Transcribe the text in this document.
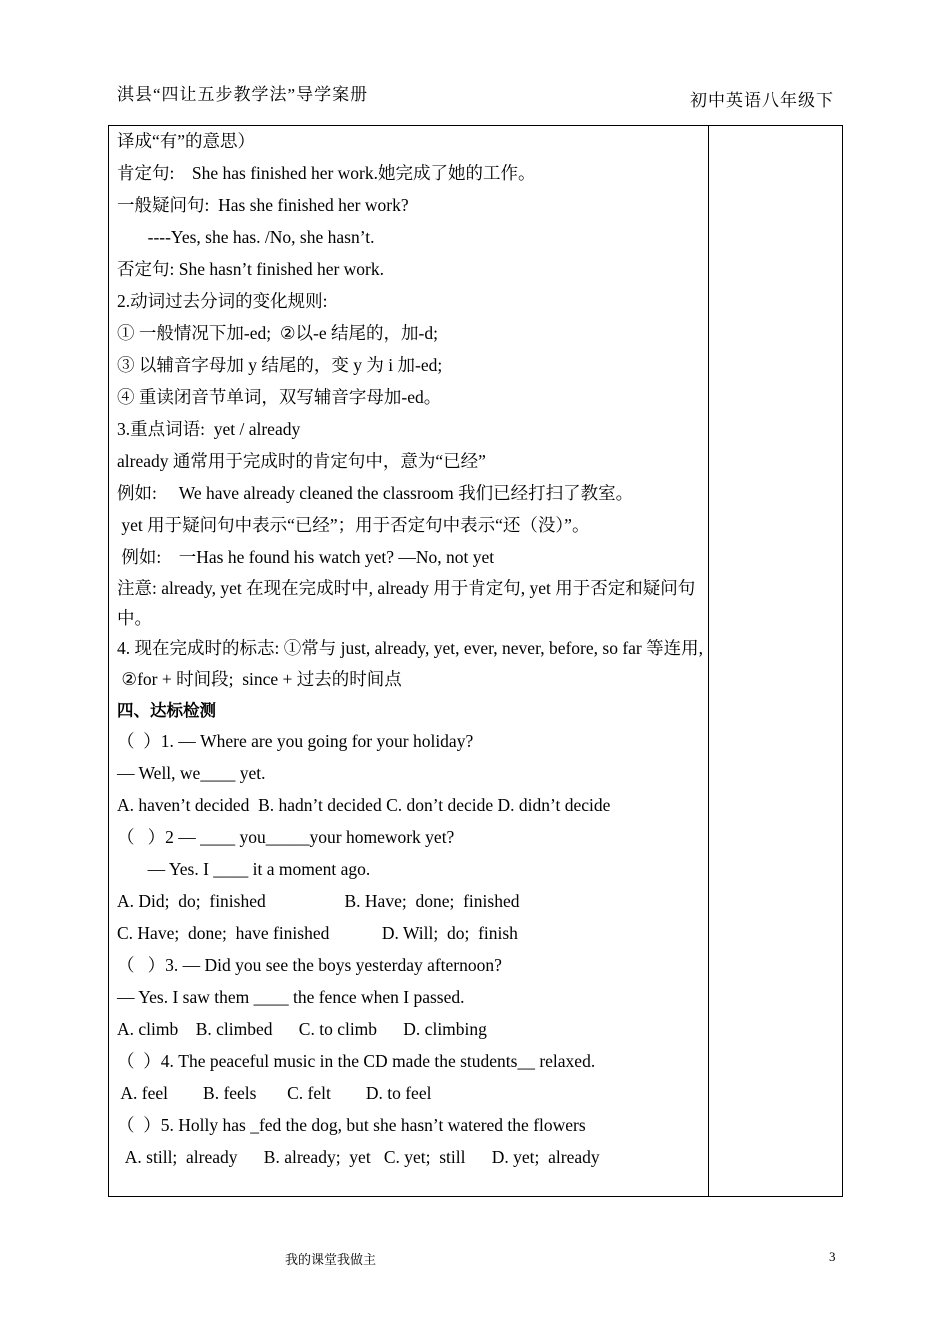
淇县“四让五步教学法”导学案册	初中英语八年级下

译成“有”的意思）

肯定句:    She has finished her work.她完成了她的工作。

一般疑问句:  Has she finished her work?

----Yes, she has. /No, she hasn’t.

否定句: She hasn’t finished her work.

2.动词过去分词的变化规则:

① 一般情况下加-ed;  ②以-e 结尾的，加-d;

③ 以辅音字母加 y 结尾的，变 y 为 i 加-ed;

④ 重读闭音节单词，双写辅音字母加-ed。

3.重点词语:  yet / already

already 通常用于完成时的肯定句中，意为“已经”

例如:     We have already cleaned the classroom 我们已经打扫了教室。

yet 用于疑问句中表示“已经”；用于否定句中表示“还（没）”。

例如:    一Has he found his watch yet? —No, not yet

注意: already, yet 在现在完成时中, already 用于肯定句, yet 用于否定和疑问句中。

4. 现在完成时的标志: ①常与 just, already, yet, ever, never, before, so far 等连用,

②for + 时间段;  since + 过去的时间点

四、达标检测

（  ）1. — Where are you going for your holiday?

— Well, we____ yet.

A. haven’t decided  B. hadn’t decided C. don’t decide D. didn’t decide

（   ）2 — ____ you_____your homework yet?

— Yes. I ____ it a moment ago.

A. Did;  do;  finished                  B. Have;  done;  finished

C. Have;  done;  have finished            D. Will;  do;  finish

（   ）3. — Did you see the boys yesterday afternoon?

— Yes. I saw them ____ the fence when I passed.

A. climb    B. climbed      C. to climb      D. climbing

（  ）4. The peaceful music in the CD made the students__ relaxed.

A. feel        B. feels       C. felt        D. to feel

（  ）5. Holly has _fed the dog, but she hasn’t watered the flowers

A. still;  already      B. already;  yet   C. yet;  still      D. yet;  already

我的课堂我做主	3
